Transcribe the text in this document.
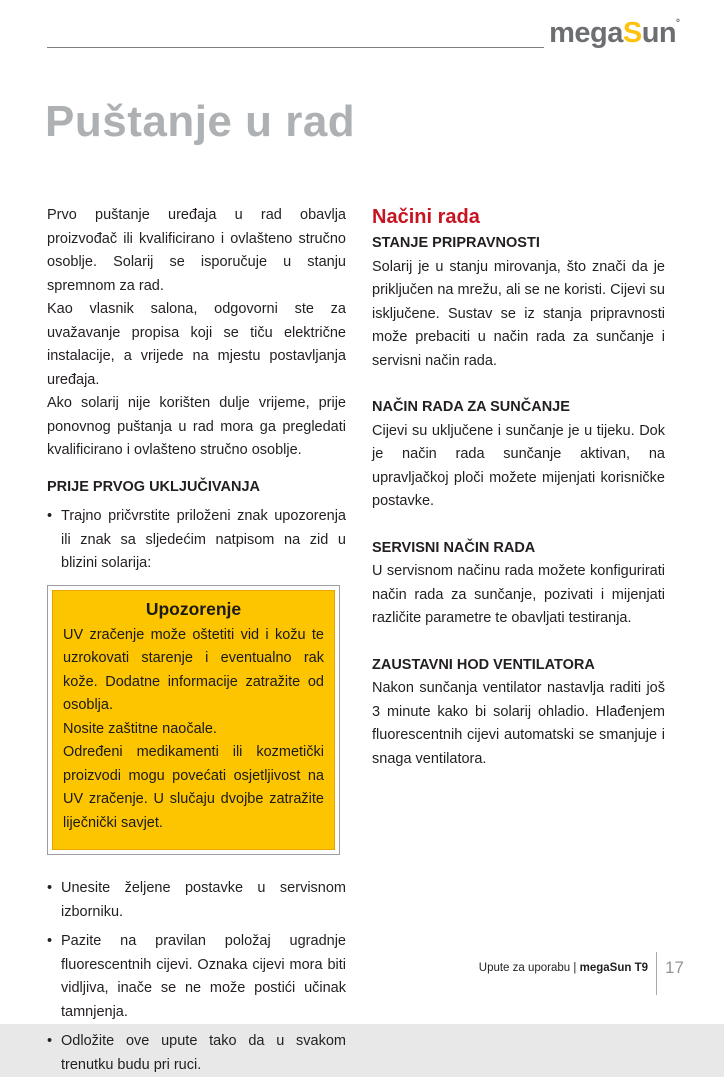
megaSun˚
Puštanje u rad

Prvo puštanje uređaja u rad obavlja proizvođač ili kvalificirano i ovlašteno stručno osoblje. Solarij se isporučuje u stanju spremnom za rad.

Kao vlasnik salona, odgovorni ste za uvažavanje propisa koji se tiču električne instalacije, a vrijede na mjestu postavljanja uređaja.

Ako solarij nije korišten dulje vrijeme, prije ponovnog puštanja u rad mora ga pregledati kvalificirano i ovlašteno stručno osoblje.

PRIJE PRVOG UKLJUČIVANJA
• Trajno pričvrstite priloženi znak upozorenja ili znak sa sljedećim natpisom na zid u blizini solarija:
Upozorenje

UV zračenje može oštetiti vid i kožu te uzrokovati starenje i eventualno rak kože. Dodatne informacije zatražite od osoblja.

Nosite zaštitne naočale.

Određeni medikamenti ili kozmetički proizvodi mogu povećati osjetljivost na UV zračenje. U slučaju dvojbe zatražite liječnički savjet.

• Unesite željene postavke u servisnom izborniku.
• Pazite na pravilan položaj ugradnje fluorescentnih cijevi. Oznaka cijevi mora biti vidljiva, inače se ne može postići učinak tamnjenja.
• Odložite ove upute tako da u svakom trenutku budu pri ruci.
Načini rada
STANJE PRIPRAVNOSTI

Solarij je u stanju mirovanja, što znači da je priključen na mrežu, ali se ne koristi. Cijevi su isključene. Sustav se iz stanja pripravnosti može prebaciti u način rada za sunčanje i servisni način rada.

NAČIN RADA ZA SUNČANJE

Cijevi su uključene i sunčanje je u tijeku. Dok je način rada sunčanje aktivan, na upravljačkoj ploči možete mijenjati korisničke postavke.

SERVISNI NAČIN RADA

U servisnom načinu rada možete konfigurirati način rada za sunčanje, pozivati i mijenjati različite parametre te obavljati testiranja.

ZAUSTAVNI HOD VENTILATORA

Nakon sunčanja ventilator nastavlja raditi još 3 minute kako bi solarij ohladio. Hlađenjem fluorescentnih cijevi automatski se smanjuje i snaga ventilatora.

Upute za uporabu | megaSun T9 17
